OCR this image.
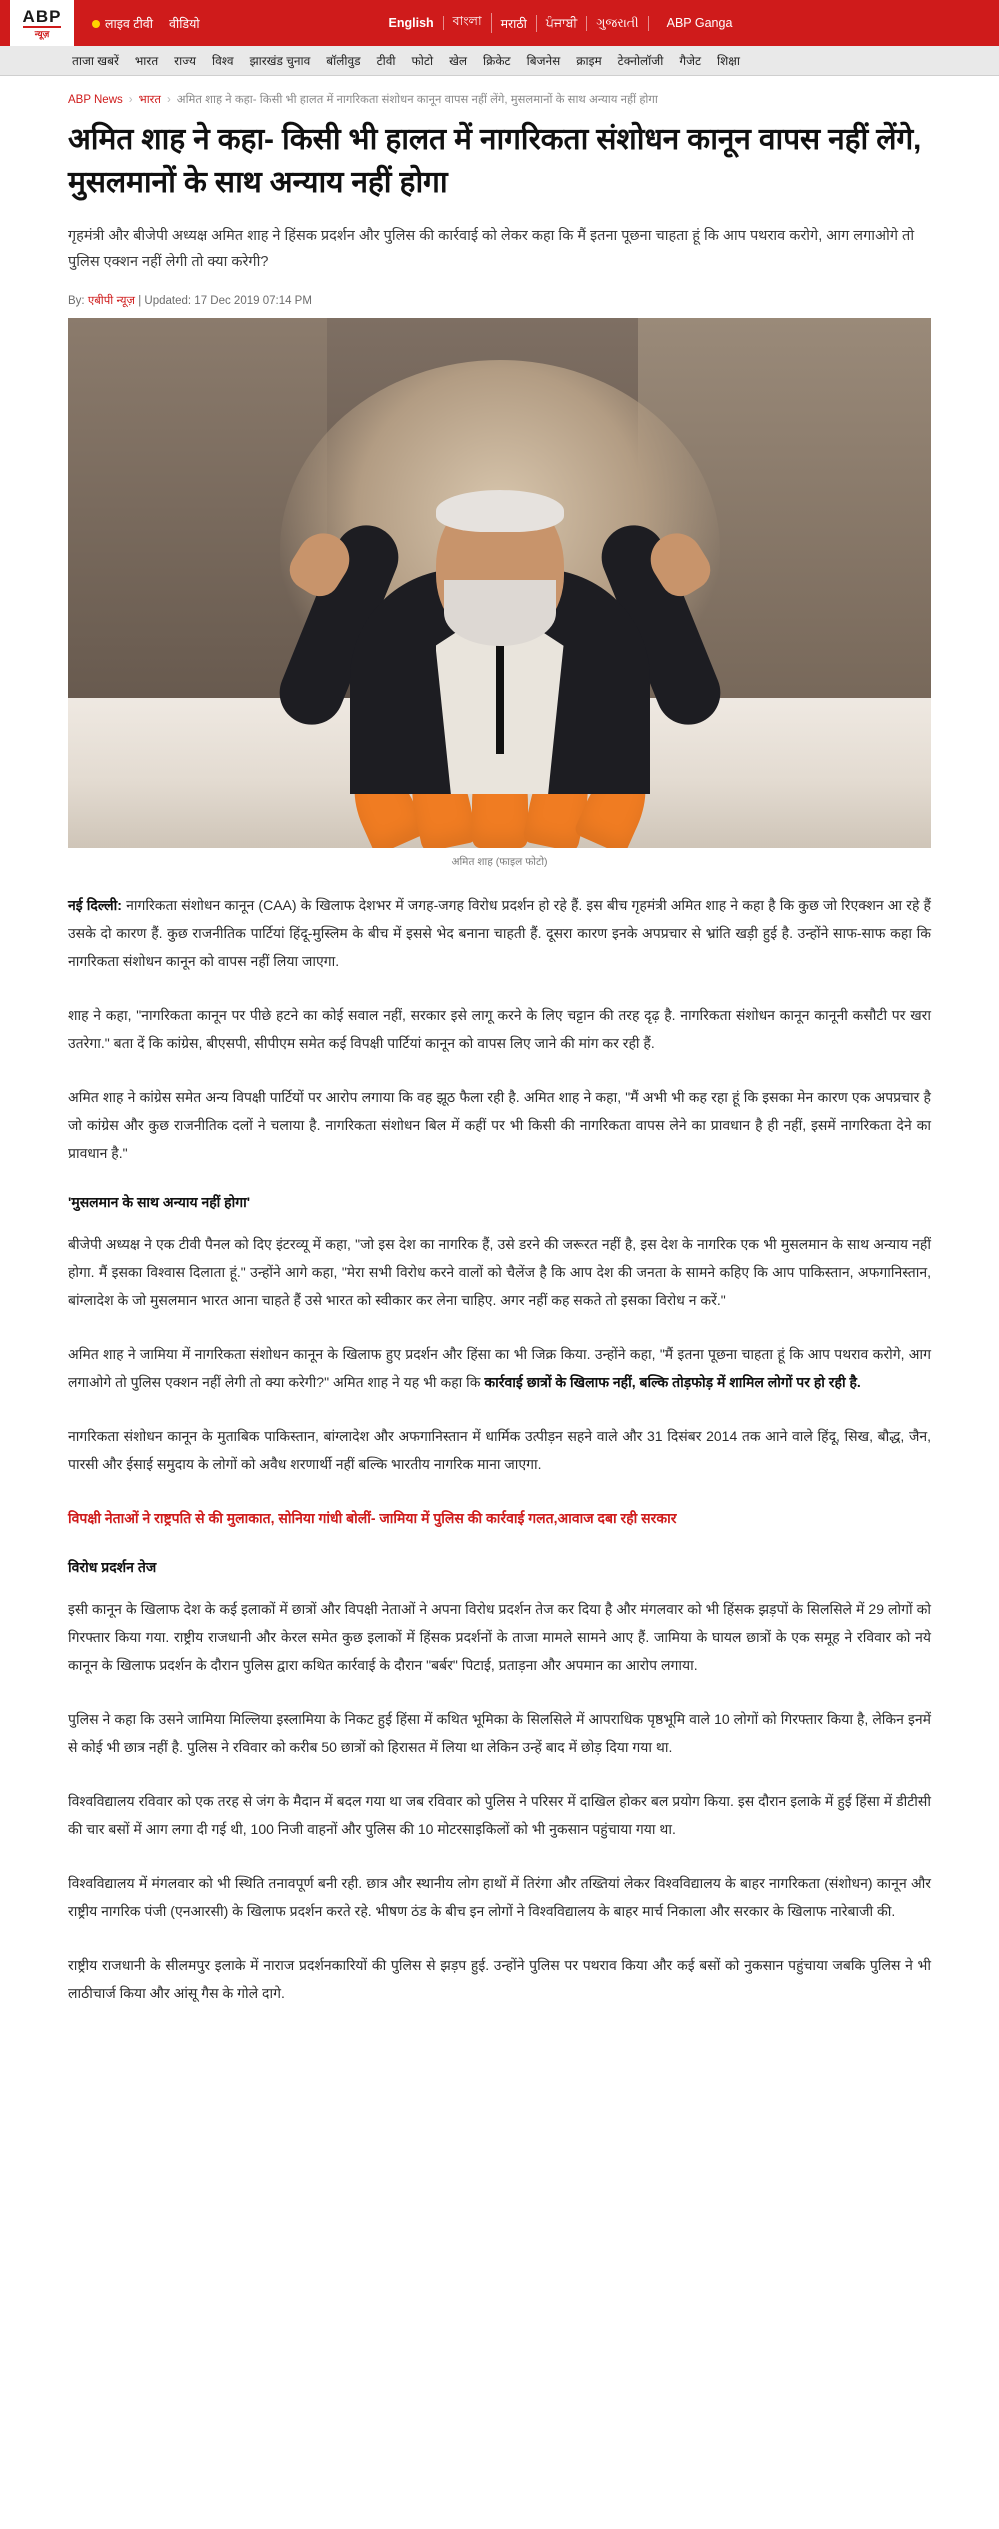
ABP
न्यूज़
लाइव टीवी वीडियो	English	বাংলা	मराठी	ਪੰਜਾਬੀ	ગુજરાતી	ABP Ganga
ताजा खबरें भारत राज्य विश्व झारखंड चुनाव बॉलीवुड टीवी फोटो खेल क्रिकेट बिजनेस क्राइम टेक्नोलॉजी गैजेट शिक्षा
ABP News › भारत › अमित शाह ने कहा- किसी भी हालत में नागरिकता संशोधन कानून वापस नहीं लेंगे, मुसलमानों के साथ अन्याय नहीं होगा
अमित शाह ने कहा- किसी भी हालत में नागरिकता संशोधन कानून वापस नहीं लेंगे, मुसलमानों के साथ अन्याय नहीं होगा

गृहमंत्री और बीजेपी अध्यक्ष अमित शाह ने हिंसक प्रदर्शन और पुलिस की कार्रवाई को लेकर कहा कि मैं इतना पूछना चाहता हूं कि आप पथराव करोगे, आग लगाओगे तो पुलिस एक्शन नहीं लेगी तो क्या करेगी?

By: एबीपी न्यूज़ | Updated: 17 Dec 2019 07:14 PM
अमित शाह (फाइल फोटो)

नई दिल्ली: नागरिकता संशोधन कानून (CAA) के खिलाफ देशभर में जगह-जगह विरोध प्रदर्शन हो रहे हैं. इस बीच गृहमंत्री अमित शाह ने कहा है कि कुछ जो रिएक्शन आ रहे हैं उसके दो कारण हैं. कुछ राजनीतिक पार्टियां हिंदू-मुस्लिम के बीच में इससे भेद बनाना चाहती हैं. दूसरा कारण इनके अपप्रचार से भ्रांति खड़ी हुई है. उन्होंने साफ-साफ कहा कि नागरिकता संशोधन कानून को वापस नहीं लिया जाएगा.

शाह ने कहा, "नागरिकता कानून पर पीछे हटने का कोई सवाल नहीं, सरकार इसे लागू करने के लिए चट्टान की तरह दृढ़ है. नागरिकता संशोधन कानून कानूनी कसौटी पर खरा उतरेगा." बता दें कि कांग्रेस, बीएसपी, सीपीएम समेत कई विपक्षी पार्टियां कानून को वापस लिए जाने की मांग कर रही हैं.

अमित शाह ने कांग्रेस समेत अन्य विपक्षी पार्टियों पर आरोप लगाया कि वह झूठ फैला रही है. अमित शाह ने कहा, "मैं अभी भी कह रहा हूं कि इसका मेन कारण एक अपप्रचार है जो कांग्रेस और कुछ राजनीतिक दलों ने चलाया है. नागरिकता संशोधन बिल में कहीं पर भी किसी की नागरिकता वापस लेने का प्रावधान है ही नहीं, इसमें नागरिकता देने का प्रावधान है."

'मुसलमान के साथ अन्याय नहीं होगा'

बीजेपी अध्यक्ष ने एक टीवी पैनल को दिए इंटरव्यू में कहा, "जो इस देश का नागरिक हैं, उसे डरने की जरूरत नहीं है, इस देश के नागरिक एक भी मुसलमान के साथ अन्याय नहीं होगा. मैं इसका विश्वास दिलाता हूं." उन्होंने आगे कहा, "मेरा सभी विरोध करने वालों को चैलेंज है कि आप देश की जनता के सामने कहिए कि आप पाकिस्तान, अफगानिस्तान, बांग्लादेश के जो मुसलमान भारत आना चाहते हैं उसे भारत को स्वीकार कर लेना चाहिए. अगर नहीं कह सकते तो इसका विरोध न करें."

अमित शाह ने जामिया में नागरिकता संशोधन कानून के खिलाफ हुए प्रदर्शन और हिंसा का भी जिक्र किया. उन्होंने कहा, "मैं इतना पूछना चाहता हूं कि आप पथराव करोगे, आग लगाओगे तो पुलिस एक्शन नहीं लेगी तो क्या करेगी?" अमित शाह ने यह भी कहा कि कार्रवाई छात्रों के खिलाफ नहीं, बल्कि तोड़फोड़ में शामिल लोगों पर हो रही है.

नागरिकता संशोधन कानून के मुताबिक पाकिस्तान, बांग्लादेश और अफगानिस्तान में धार्मिक उत्पीड़न सहने वाले और 31 दिसंबर 2014 तक आने वाले हिंदू, सिख, बौद्ध, जैन, पारसी और ईसाई समुदाय के लोगों को अवैध शरणार्थी नहीं बल्कि भारतीय नागरिक माना जाएगा.

विपक्षी नेताओं ने राष्ट्रपति से की मुलाकात, सोनिया गांधी बोलीं- जामिया में पुलिस की कार्रवाई गलत,आवाज दबा रही सरकार

विरोध प्रदर्शन तेज

इसी कानून के खिलाफ देश के कई इलाकों में छात्रों और विपक्षी नेताओं ने अपना विरोध प्रदर्शन तेज कर दिया है और मंगलवार को भी हिंसक झड़पों के सिलसिले में 29 लोगों को गिरफ्तार किया गया. राष्ट्रीय राजधानी और केरल समेत कुछ इलाकों में हिंसक प्रदर्शनों के ताजा मामले सामने आए हैं. जामिया के घायल छात्रों के एक समूह ने रविवार को नये कानून के खिलाफ प्रदर्शन के दौरान पुलिस द्वारा कथित कार्रवाई के दौरान "बर्बर" पिटाई, प्रताड़ना और अपमान का आरोप लगाया.

पुलिस ने कहा कि उसने जामिया मिल्लिया इस्लामिया के निकट हुई हिंसा में कथित भूमिका के सिलसिले में आपराधिक पृष्ठभूमि वाले 10 लोगों को गिरफ्तार किया है, लेकिन इनमें से कोई भी छात्र नहीं है. पुलिस ने रविवार को करीब 50 छात्रों को हिरासत में लिया था लेकिन उन्हें बाद में छोड़ दिया गया था.

विश्वविद्यालय रविवार को एक तरह से जंग के मैदान में बदल गया था जब रविवार को पुलिस ने परिसर में दाखिल होकर बल प्रयोग किया. इस दौरान इलाके में हुई हिंसा में डीटीसी की चार बसों में आग लगा दी गई थी, 100 निजी वाहनों और पुलिस की 10 मोटरसाइकिलों को भी नुकसान पहुंचाया गया था.

विश्वविद्यालय में मंगलवार को भी स्थिति तनावपूर्ण बनी रही. छात्र और स्थानीय लोग हाथों में तिरंगा और तख्तियां लेकर विश्वविद्यालय के बाहर नागरिकता (संशोधन) कानून और राष्ट्रीय नागरिक पंजी (एनआरसी) के खिलाफ प्रदर्शन करते रहे. भीषण ठंड के बीच इन लोगों ने विश्वविद्यालय के बाहर मार्च निकाला और सरकार के खिलाफ नारेबाजी की.

राष्ट्रीय राजधानी के सीलमपुर इलाके में नाराज प्रदर्शनकारियों की पुलिस से झड़प हुई. उन्होंने पुलिस पर पथराव किया और कई बसों को नुकसान पहुंचाया जबकि पुलिस ने भी लाठीचार्ज किया और आंसू गैस के गोले दागे.
